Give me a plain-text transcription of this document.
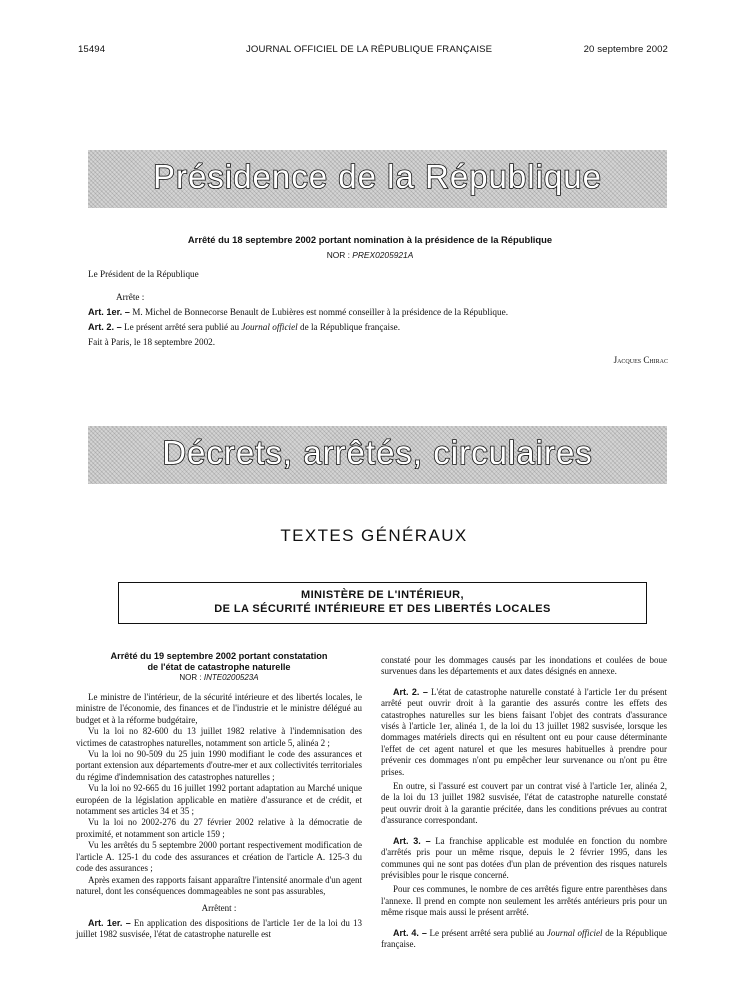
15494	JOURNAL OFFICIEL DE LA RÉPUBLIQUE FRANÇAISE	20 septembre 2002
Présidence de la République
Arrêté du 18 septembre 2002 portant nomination à la présidence de la République
NOR : PREX0205921A
Le Président de la République
Arrête :
Art. 1er. – M. Michel de Bonnecorse Benault de Lubières est nommé conseiller à la présidence de la République.
Art. 2. – Le présent arrêté sera publié au Journal officiel de la République française.
Fait à Paris, le 18 septembre 2002.
Jacques Chirac
Décrets, arrêtés, circulaires
TEXTES GÉNÉRAUX
MINISTÈRE DE L'INTÉRIEUR,
DE LA SÉCURITÉ INTÉRIEURE ET DES LIBERTÉS LOCALES
Arrêté du 19 septembre 2002 portant constatation
de l'état de catastrophe naturelle
NOR : INTE0200523A

Le ministre de l'intérieur, de la sécurité intérieure et des libertés locales, le ministre de l'économie, des finances et de l'industrie et le ministre délégué au budget et à la réforme budgétaire,

Vu la loi no 82-600 du 13 juillet 1982 relative à l'indemnisation des victimes de catastrophes naturelles, notamment son article 5, alinéa 2 ;

Vu la loi no 90-509 du 25 juin 1990 modifiant le code des assurances et portant extension aux départements d'outre-mer et aux collectivités territoriales du régime d'indemnisation des catastrophes naturelles ;

Vu la loi no 92-665 du 16 juillet 1992 portant adaptation au Marché unique européen de la législation applicable en matière d'assurance et de crédit, et notamment ses articles 34 et 35 ;

Vu la loi no 2002-276 du 27 février 2002 relative à la démocratie de proximité, et notamment son article 159 ;

Vu les arrêtés du 5 septembre 2000 portant respectivement modification de l'article A. 125-1 du code des assurances et création de l'article A. 125-3 du code des assurances ;

Après examen des rapports faisant apparaître l'intensité anormale d'un agent naturel, dont les conséquences dommageables ne sont pas assurables,

Arrêtent :

Art. 1er. – En application des dispositions de l'article 1er de la loi du 13 juillet 1982 susvisée, l'état de catastrophe naturelle est

constaté pour les dommages causés par les inondations et coulées de boue survenues dans les départements et aux dates désignés en annexe.

Art. 2. – L'état de catastrophe naturelle constaté à l'article 1er du présent arrêté peut ouvrir droit à la garantie des assurés contre les effets des catastrophes naturelles sur les biens faisant l'objet des contrats d'assurance visés à l'article 1er, alinéa 1, de la loi du 13 juillet 1982 susvisée, lorsque les dommages matériels directs qui en résultent ont eu pour cause déterminante l'effet de cet agent naturel et que les mesures habituelles à prendre pour prévenir ces dommages n'ont pu empêcher leur survenance ou n'ont pu être prises.

En outre, si l'assuré est couvert par un contrat visé à l'article 1er, alinéa 2, de la loi du 13 juillet 1982 susvisée, l'état de catastrophe naturelle constaté peut ouvrir droit à la garantie précitée, dans les conditions prévues au contrat d'assurance correspondant.

Art. 3. – La franchise applicable est modulée en fonction du nombre d'arrêtés pris pour un même risque, depuis le 2 février 1995, dans les communes qui ne sont pas dotées d'un plan de prévention des risques naturels prévisibles pour le risque concerné.

Pour ces communes, le nombre de ces arrêtés figure entre parenthèses dans l'annexe. Il prend en compte non seulement les arrêtés antérieurs pris pour un même risque mais aussi le présent arrêté.

Art. 4. – Le présent arrêté sera publié au Journal officiel de la République française.
